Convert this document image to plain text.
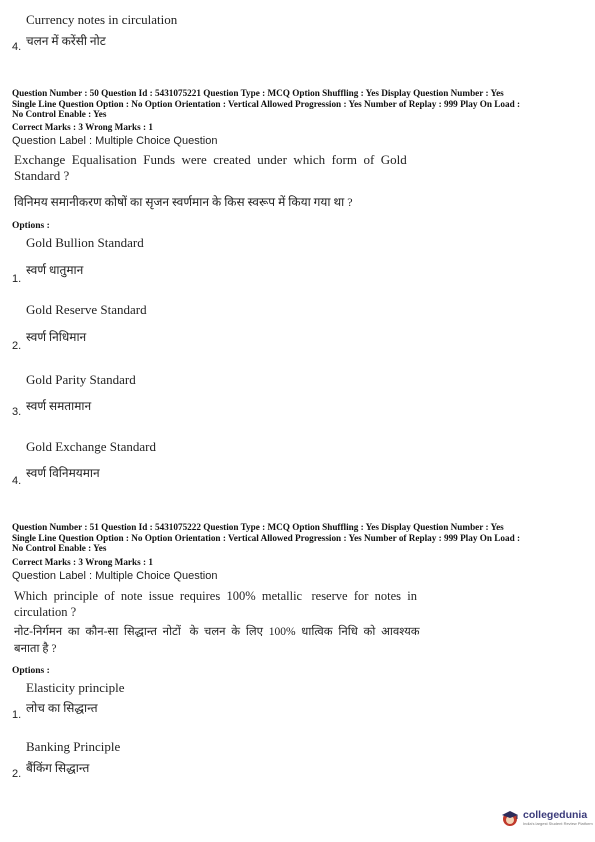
Currency notes in circulation
4. चलन में करेंसी नोट
Question Number : 50 Question Id : 5431075221 Question Type : MCQ Option Shuffling : Yes Display Question Number : Yes
Single Line Question Option : No Option Orientation : Vertical Allowed Progression : Yes Number of Replay : 999 Play On Load :
No Control Enable : Yes
Correct Marks : 3 Wrong Marks : 1
Question Label : Multiple Choice Question
Exchange  Equalisation  Funds  were  created  under  which  form  of  Gold
Standard ?
विनिमय समानीकरण कोषों का सृजन स्वर्णमान के किस स्वरूप में किया गया था ?
Options :
Gold Bullion Standard
स्वर्ण धातुमान
1.
Gold Reserve Standard
स्वर्ण निधिमान
2.
Gold Parity Standard
स्वर्ण समतामान
3.
Gold Exchange Standard
स्वर्ण विनिमयमान
4.
Question Number : 51 Question Id : 5431075222 Question Type : MCQ Option Shuffling : Yes Display Question Number : Yes
Single Line Question Option : No Option Orientation : Vertical Allowed Progression : Yes Number of Replay : 999 Play On Load :
No Control Enable : Yes
Correct Marks : 3 Wrong Marks : 1
Question Label : Multiple Choice Question
Which  principle  of  note  issue  requires  100%  metallic   reserve  for  notes  in
circulation ?
नोट-निर्गमन  का  कौन-सा  सिद्धान्त  नोटों   के  चलन  के  लिए  100%  धात्विक  निधि  को  आवश्यक
बनाता है ?
Options :
Elasticity principle
लोच का सिद्धान्त
1.
Banking Principle
बैंकिंग सिद्धान्त
2.
collegedunia
India's largest Student Review Platform
